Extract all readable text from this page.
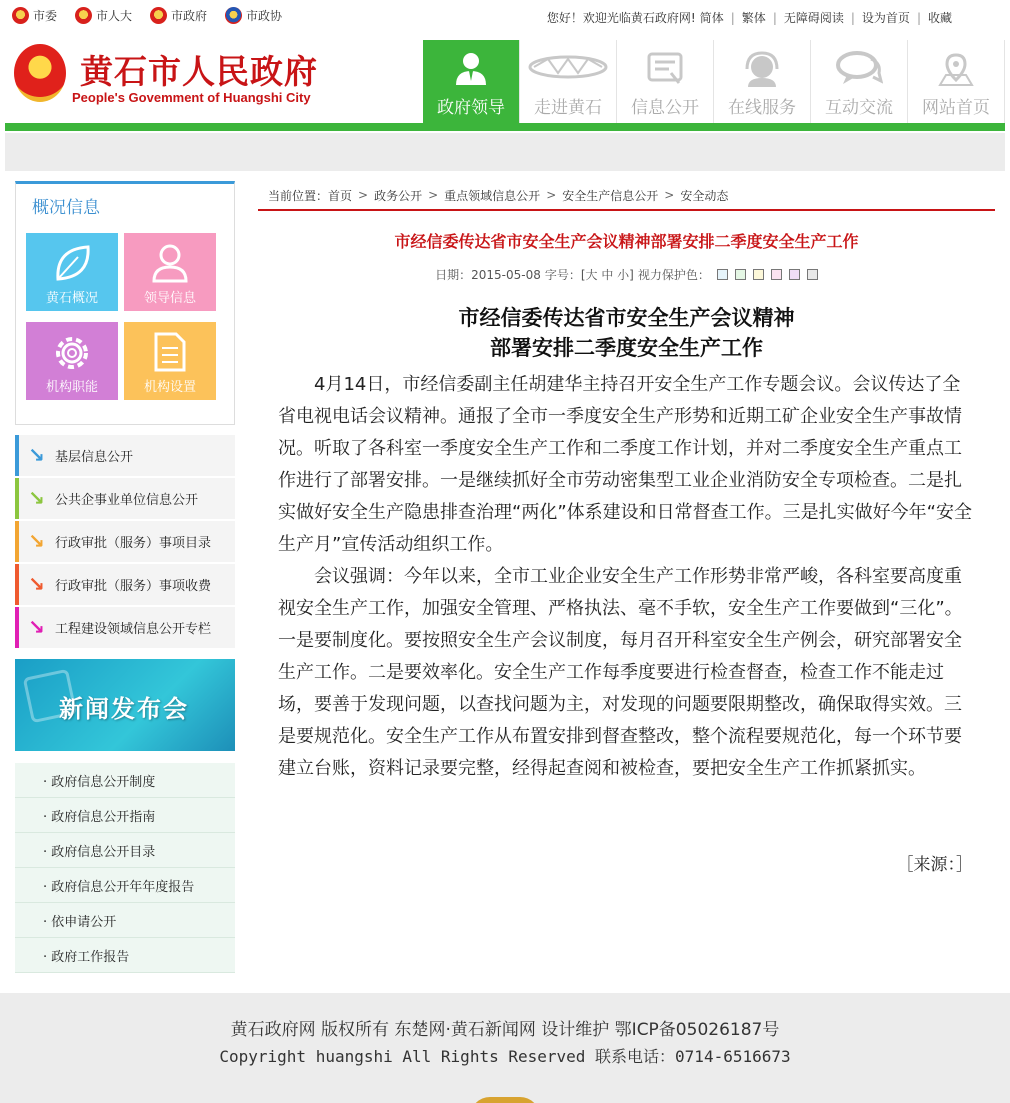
市委	市人大	市政府	市政协	您好！欢迎光临黄石政府网! 简体 | 繁体 | 无障碍阅读 | 设为首页 | 收藏
黄石市人民政府
People's Govemment of Huangshi City
政府领导	走进黄石	信息公开	在线服务	互动交流	网站首页
概况信息
黄石概况	领导信息
机构职能	机构设置
↘ 基层信息公开
↘ 公共企事业单位信息公开
↘ 行政审批（服务）事项目录
↘ 行政审批（服务）事项收费
↘ 工程建设领域信息公开专栏
新闻发布会
· 政府信息公开制度
· 政府信息公开指南
· 政府信息公开目录
· 政府信息公开年年度报告
· 依申请公开
· 政府工作报告
当前位置： 首页 > 政务公开 > 重点领域信息公开 > 安全生产信息公开 > 安全动态
市经信委传达省市安全生产会议精神部署安排二季度安全生产工作
日期：2015-05-08 字号：[大 中 小] 视力保护色：
市经信委传达省市安全生产会议精神
部署安排二季度安全生产工作

4月14日，市经信委副主任胡建华主持召开安全生产工作专题会议。会议传达了全省电视电话会议精神。通报了全市一季度安全生产形势和近期工矿企业安全生产事故情况。听取了各科室一季度安全生产工作和二季度工作计划，并对二季度安全生产重点工作进行了部署安排。一是继续抓好全市劳动密集型工业企业消防安全专项检查。二是扎实做好安全生产隐患排查治理“两化”体系建设和日常督查工作。三是扎实做好今年“安全生产月”宣传活动组织工作。

会议强调：今年以来，全市工业企业安全生产工作形势非常严峻，各科室要高度重视安全生产工作，加强安全管理、严格执法、毫不手软，安全生产工作要做到“三化”。一是要制度化。要按照安全生产会议制度，每月召开科室安全生产例会，研究部署安全生产工作。二是要效率化。安全生产工作每季度要进行检查督查，检查工作不能走过场，要善于发现问题，以查找问题为主，对发现的问题要限期整改，确保取得实效。三是要规范化。安全生产工作从布置安排到督查整改，整个流程要规范化，每一个环节要建立台账，资料记录要完整，经得起查阅和被检查，要把安全生产工作抓紧抓实。

［来源：］
黄石政府网 版权所有 东楚网·黄石新闻网 设计维护 鄂ICP备05026187号
Copyright huangshi All Rights Reserved 联系电话：0714-6516673
